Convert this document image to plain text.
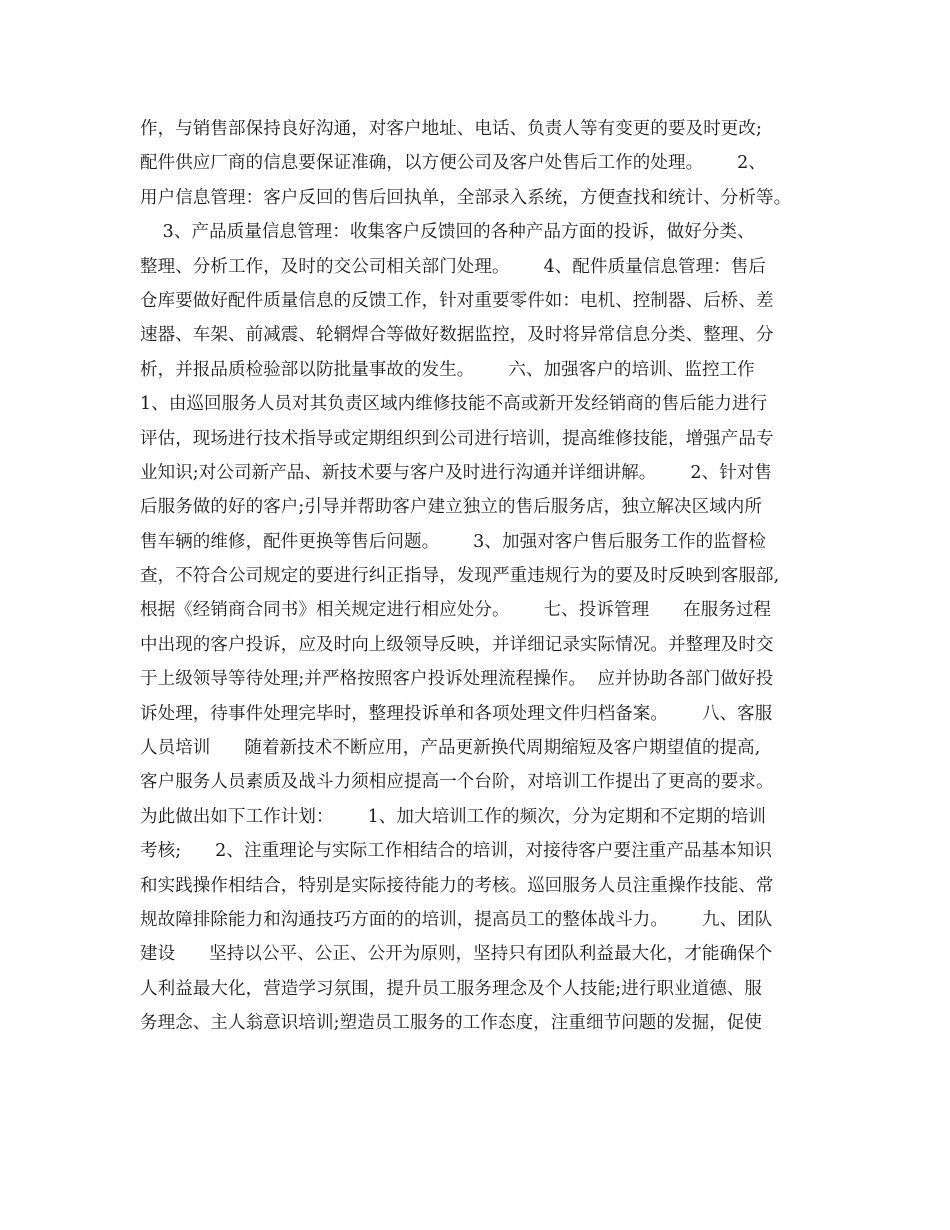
作，与销售部保持良好沟通，对客户地址、电话、负责人等有变更的要及时更改;
配件供应厂商的信息要保证准确，以方便公司及客户处售后工作的处理。      2、
用户信息管理：客户反回的售后回执单，全部录入系统，方便查找和统计、分析等。
3、产品质量信息管理：收集客户反馈回的各种产品方面的投诉，做好分类、
整理、分析工作，及时的交公司相关部门处理。      4、配件质量信息管理：售后
仓库要做好配件质量信息的反馈工作，针对重要零件如：电机、控制器、后桥、差
速器、车架、前减震、轮辋焊合等做好数据监控，及时将异常信息分类、整理、分
析，并报品质检验部以防批量事故的发生。      六、加强客户的培训、监控工作
1、由巡回服务人员对其负责区域内维修技能不高或新开发经销商的售后能力进行
评估，现场进行技术指导或定期组织到公司进行培训，提高维修技能，增强产品专
业知识;对公司新产品、新技术要与客户及时进行沟通并详细讲解。      2、针对售
后服务做的好的客户;引导并帮助客户建立独立的售后服务店，独立解决区域内所
售车辆的维修，配件更换等售后问题。      3、加强对客户售后服务工作的监督检
查，不符合公司规定的要进行纠正指导，发现严重违规行为的要及时反映到客服部,
根据《经销商合同书》相关规定进行相应处分。      七、投诉管理      在服务过程
中出现的客户投诉，应及时向上级领导反映，并详细记录实际情况。并整理及时交
于上级领导等待处理;并严格按照客户投诉处理流程操作。  应并协助各部门做好投
诉处理，待事件处理完毕时，整理投诉单和各项处理文件归档备案。      八、客服
人员培训      随着新技术不断应用，产品更新换代周期缩短及客户期望值的提高,
客户服务人员素质及战斗力须相应提高一个台阶，对培训工作提出了更高的要求。
为此做出如下工作计划：      1、加大培训工作的频次，分为定期和不定期的培训
考核;      2、注重理论与实际工作相结合的培训，对接待客户要注重产品基本知识
和实践操作相结合，特别是实际接待能力的考核。巡回服务人员注重操作技能、常
规故障排除能力和沟通技巧方面的的培训，提高员工的整体战斗力。      九、团队
建设      坚持以公平、公正、公开为原则，坚持只有团队利益最大化，才能确保个
人利益最大化，营造学习氛围，提升员工服务理念及个人技能;进行职业道德、服
务理念、主人翁意识培训;塑造员工服务的工作态度，注重细节问题的发掘，促使
